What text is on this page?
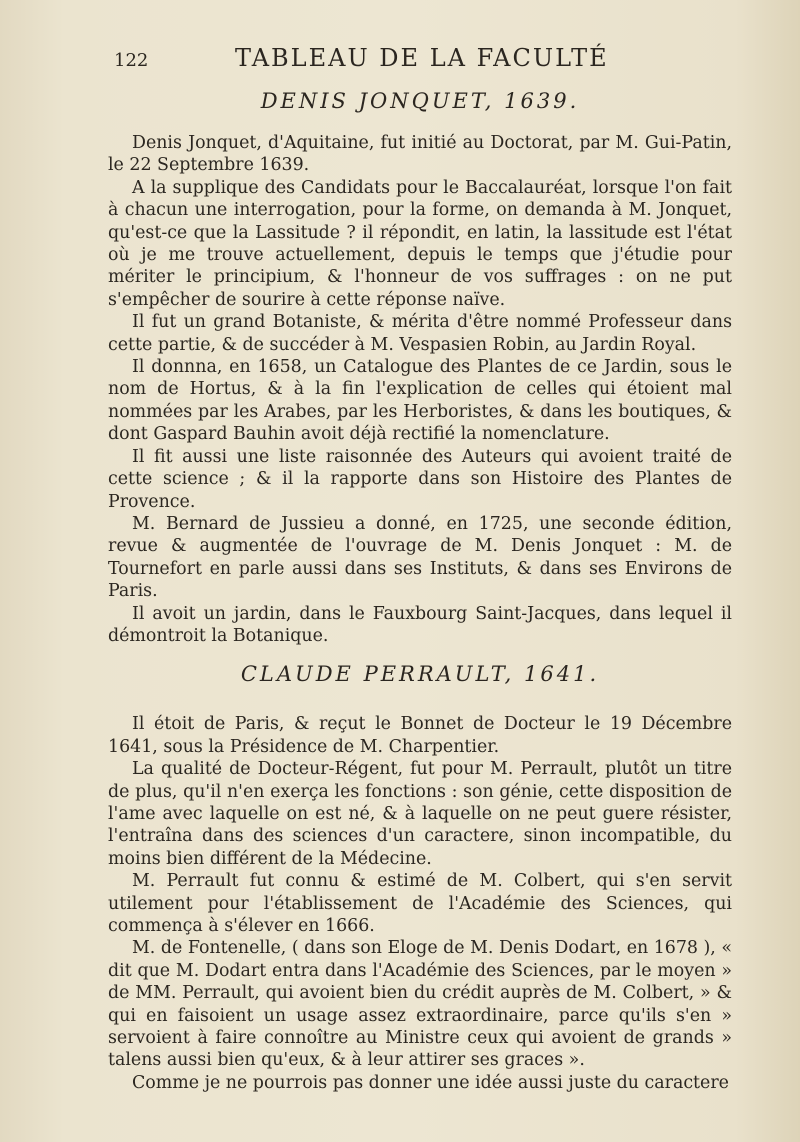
122	TABLEAU DE LA FACULTÉ
DENIS JONQUET, 1639.

Denis Jonquet, d'Aquitaine, fut initié au Doctorat, par M. Gui-Patin, le 22 Septembre 1639.

A la supplique des Candidats pour le Baccalauréat, lorsque l'on fait à chacun une interrogation, pour la forme, on demanda à M. Jonquet, qu'est-ce que la Lassitude ? il répondit, en latin, la lassitude est l'état où je me trouve actuellement, depuis le temps que j'étudie pour mériter le principium, & l'honneur de vos suffrages : on ne put s'empêcher de sourire à cette réponse naïve.

Il fut un grand Botaniste, & mérita d'être nommé Professeur dans cette partie, & de succéder à M. Vespasien Robin, au Jardin Royal.

Il donnna, en 1658, un Catalogue des Plantes de ce Jardin, sous le nom de Hortus, & à la fin l'explication de celles qui étoient mal nommées par les Arabes, par les Herboristes, & dans les boutiques, & dont Gaspard Bauhin avoit déjà rectifié la nomenclature.

Il fit aussi une liste raisonnée des Auteurs qui avoient traité de cette science ; & il la rapporte dans son Histoire des Plantes de Provence.

M. Bernard de Jussieu a donné, en 1725, une seconde édition, revue & augmentée de l'ouvrage de M. Denis Jonquet : M. de Tournefort en parle aussi dans ses Instituts, & dans ses Environs de Paris.

Il avoit un jardin, dans le Fauxbourg Saint-Jacques, dans lequel il démontroit la Botanique.

CLAUDE PERRAULT, 1641.

Il étoit de Paris, & reçut le Bonnet de Docteur le 19 Décembre 1641, sous la Présidence de M. Charpentier.

La qualité de Docteur-Régent, fut pour M. Perrault, plutôt un titre de plus, qu'il n'en exerça les fonctions : son génie, cette disposition de l'ame avec laquelle on est né, & à laquelle on ne peut guere résister, l'entraîna dans des sciences d'un caractere, sinon incompatible, du moins bien différent de la Médecine.

M. Perrault fut connu & estimé de M. Colbert, qui s'en servit utilement pour l'établissement de l'Académie des Sciences, qui commença à s'élever en 1666.

M. de Fontenelle, ( dans son Eloge de M. Denis Dodart, en 1678 ), « dit que M. Dodart entra dans l'Académie des Sciences, par le moyen » de MM. Perrault, qui avoient bien du crédit auprès de M. Colbert, » & qui en faisoient un usage assez extraordinaire, parce qu'ils s'en » servoient à faire connoître au Ministre ceux qui avoient de grands » talens aussi bien qu'eux, & à leur attirer ses graces ».

Comme je ne pourrois pas donner une idée aussi juste du caractere
